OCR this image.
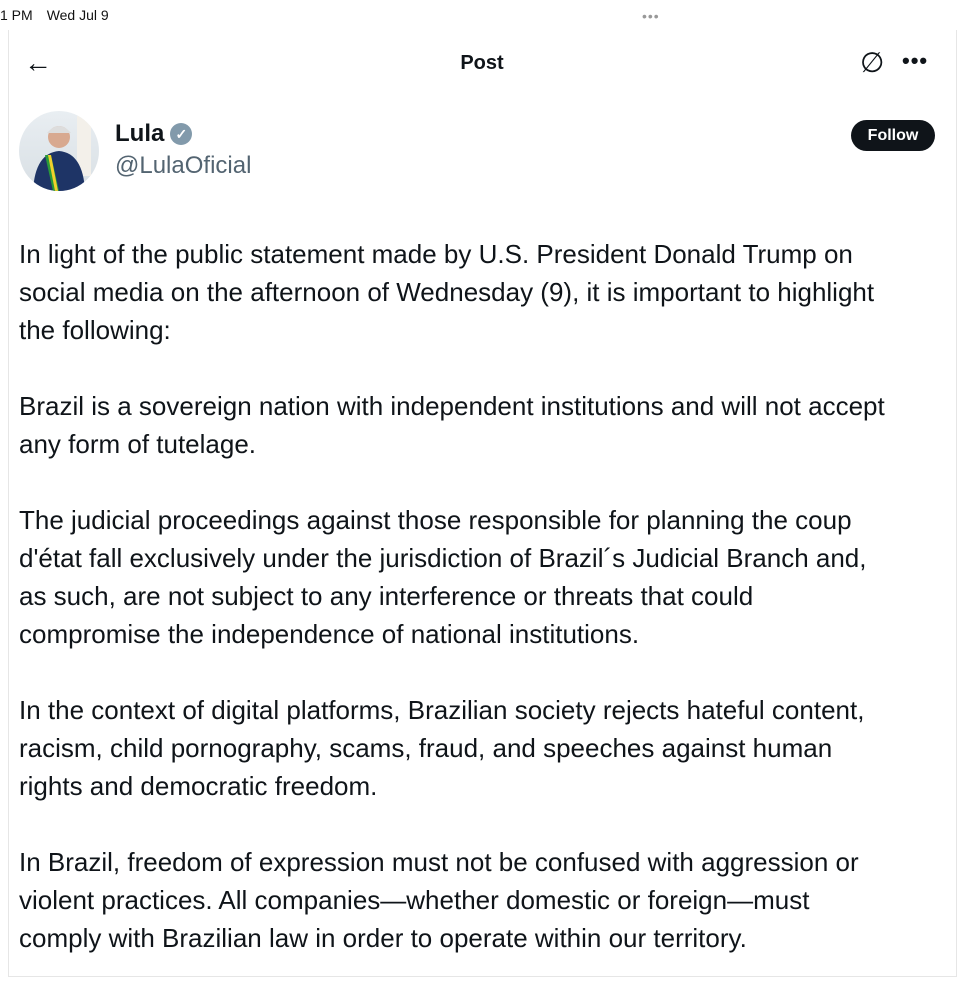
1 PM Wed Jul 9	•••
←	Post	∅ •••
Lula ✓
@LulaOficial
Follow
In light of the public statement made by U.S. President Donald Trump on
social media on the afternoon of Wednesday (9), it is important to highlight
the following:
Brazil is a sovereign nation with independent institutions and will not accept
any form of tutelage.
The judicial proceedings against those responsible for planning the coup
d'état fall exclusively under the jurisdiction of Brazil´s Judicial Branch and,
as such, are not subject to any interference or threats that could
compromise the independence of national institutions.
In the context of digital platforms, Brazilian society rejects hateful content,
racism, child pornography, scams, fraud, and speeches against human
rights and democratic freedom.
In Brazil, freedom of expression must not be confused with aggression or
violent practices. All companies—whether domestic or foreign—must
comply with Brazilian law in order to operate within our territory.
